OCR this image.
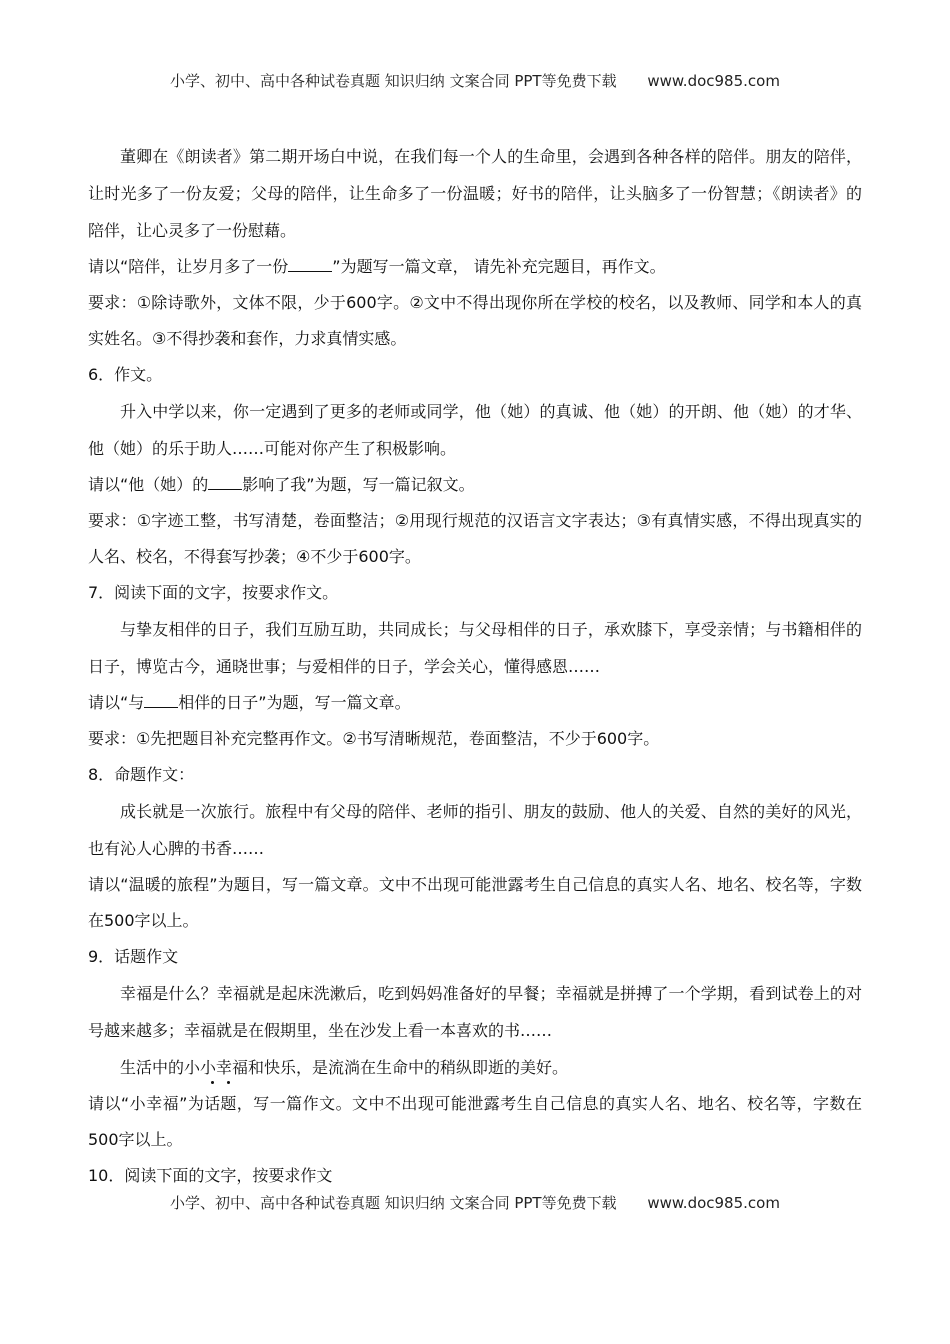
小学、初中、高中各种试卷真题 知识归纳 文案合同 PPT等免费下载 www.doc985.com

董卿在《朗读者》第二期开场白中说，在我们每一个人的生命里，会遇到各种各样的陪伴。朋友的陪伴，让时光多了一份友爱；父母的陪伴，让生命多了一份温暖；好书的陪伴，让头脑多了一份智慧；《朗读者》的陪伴，让心灵多了一份慰藉。

请以“陪伴，让岁月多了一份	”为题写一篇文章， 请先补充完题目，再作文。

要求：①除诗歌外，文体不限，少于600字。②文中不得出现你所在学校的校名，以及教师、同学和本人的真实姓名。③不得抄袭和套作，力求真情实感。

6．作文。

升入中学以来，你一定遇到了更多的老师或同学，他（她）的真诚、他（她）的开朗、他（她）的才华、他（她）的乐于助人……可能对你产生了积极影响。

请以“他（她）的 影响了我”为题，写一篇记叙文。

要求：①字迹工整，书写清楚，卷面整洁；②用现行规范的汉语言文字表达；③有真情实感，不得出现真实的人名、校名，不得套写抄袭；④不少于600字。

7．阅读下面的文字，按要求作文。

与挚友相伴的日子，我们互励互助，共同成长；与父母相伴的日子，承欢膝下，享受亲情；与书籍相伴的日子，博览古今，通晓世事；与爱相伴的日子，学会关心，懂得感恩……

请以“与 相伴的日子”为题，写一篇文章。

要求：①先把题目补充完整再作文。②书写清晰规范，卷面整洁，不少于600字。

8．命题作文：

成长就是一次旅行。旅程中有父母的陪伴、老师的指引、朋友的鼓励、他人的关爱、自然的美好的风光，也有沁人心脾的书香……

请以“温暖的旅程”为题目，写一篇文章。文中不出现可能泄露考生自己信息的真实人名、地名、校名等，字数在500字以上。

9．话题作文

幸福是什么？幸福就是起床洗漱后，吃到妈妈准备好的早餐；幸福就是拼搏了一个学期，看到试卷上的对号越来越多；幸福就是在假期里，坐在沙发上看一本喜欢的书……

生活中的小小幸福和快乐，是流淌在生命中的稍纵即逝的美好。

请以“小幸福”为话题，写一篇作文。文中不出现可能泄露考生自己信息的真实人名、地名、校名等，字数在500字以上。

10．阅读下面的文字，按要求作文

小学、初中、高中各种试卷真题 知识归纳 文案合同 PPT等免费下载 www.doc985.com
